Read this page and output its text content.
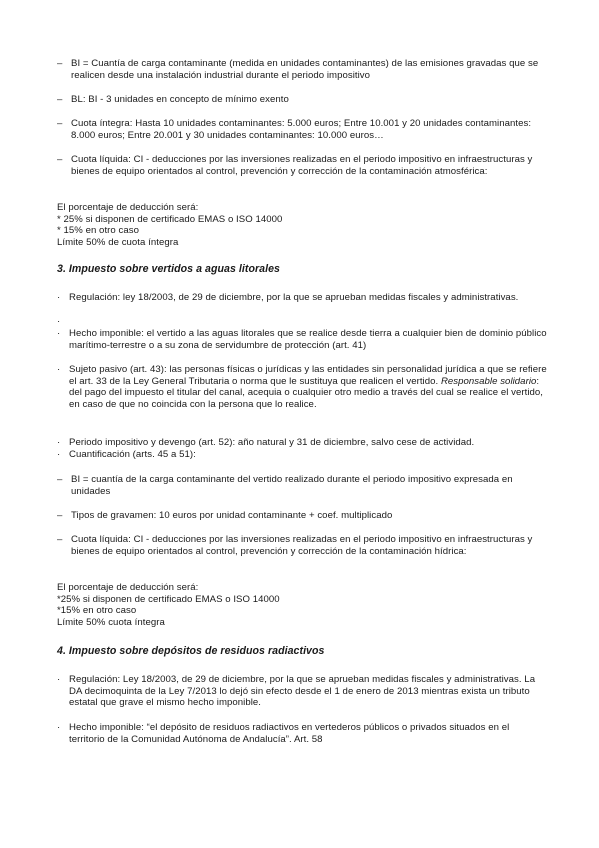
– BI = Cuantía de carga contaminante (medida en unidades contaminantes) de las emisiones gravadas que se realicen desde una instalación industrial durante el periodo impositivo
– BL: BI - 3 unidades en concepto de mínimo exento
– Cuota íntegra: Hasta 10 unidades contaminantes: 5.000 euros; Entre 10.001 y 20 unidades contaminantes: 8.000 euros; Entre 20.001 y 30 unidades contaminantes: 10.000 euros…
– Cuota líquida: CI - deducciones por las inversiones realizadas en el periodo impositivo en infraestructuras y bienes de equipo orientados al control, prevención y corrección de la contaminación atmosférica:
El porcentaje de deducción será:
* 25% si disponen de certificado EMAS o ISO 14000
* 15% en otro caso
Límite 50% de cuota íntegra
3. Impuesto sobre vertidos a aguas litorales
· Regulación: ley 18/2003, de 29 de diciembre, por la que se aprueban medidas fiscales y administrativas.
·
· Hecho imponible: el vertido a las aguas litorales que se realice desde tierra a cualquier bien de dominio público marítimo-terrestre o a su zona de servidumbre de protección (art. 41)
· Sujeto pasivo (art. 43): las personas físicas o jurídicas y las entidades sin personalidad jurídica a que se refiere el art. 33 de la Ley General Tributaria o norma que le sustituya que realicen el vertido. Responsable solidario: del pago del impuesto el titular del canal, acequia o cualquier otro medio a través del cual se realice el vertido, en caso de que no coincida con la persona que lo realice.
· Periodo impositivo y devengo (art. 52): año natural y 31 de diciembre, salvo cese de actividad.
· Cuantificación (arts. 45 a 51):
– BI = cuantía de la carga contaminante del vertido realizado durante el periodo impositivo expresada en unidades
– Tipos de gravamen: 10 euros por unidad contaminante + coef. multiplicado
– Cuota líquida: CI - deducciones por las inversiones realizadas en el periodo impositivo en infraestructuras y bienes de equipo orientados al control, prevención y corrección de la contaminación hídrica:
El porcentaje de deducción será:
*25% si disponen de certificado EMAS o ISO 14000
*15% en otro caso
Límite 50% cuota íntegra
4. Impuesto sobre depósitos de residuos radiactivos
· Regulación: Ley 18/2003, de 29 de diciembre, por la que se aprueban medidas fiscales y administrativas. La DA decimoquinta de la Ley 7/2013 lo dejó sin efecto desde el 1 de enero de 2013 mientras exista un tributo estatal que grave el mismo hecho imponible.
· Hecho imponible: “el depósito de residuos radiactivos en vertederos públicos o privados situados en el territorio de la Comunidad Autónoma de Andalucía”. Art. 58
